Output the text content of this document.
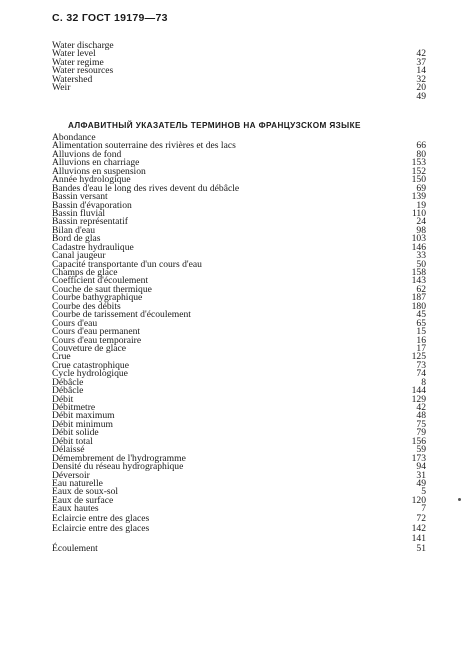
С. 32 ГОСТ 19179—73
Water discharge
Water level	42
Water regime	37
Water resources	14
Watershed	32
Weir	20
49
АЛФАВИТНЫЙ УКАЗАТЕЛЬ ТЕРМИНОВ НА ФРАНЦУЗСКОМ ЯЗЫКЕ
Abondance
Alimentation souterraine des rivières et des lacs	66
Alluvions de fond	80
Alluvions en charriage	153
Alluvions en suspension	152
Année hydrologique	150
Bandes d'eau le long des rives devent du débâcle	69
Bassin versant	139
Bassin d'évaporation	19
Bassin fluvial	110
Bassin représentatif	24
Bilan d'eau	98
Bord de glas	103
Cadastre hydraulique	146
Canal jaugeur	33
Capacité transportante d'un cours d'eau	50
Champs de glace	158
Coefficient d'écoulement	143
Couche de saut thermique	62
Courbe bathygraphique	187
Courbe des débits	180
Courbe de tarissement d'écoulement	45
Cours d'eau	65
Cours d'eau permanent	15
Cours d'eau temporaire	16
Couveture de glace	17
Crue	125
Crue catastrophique	73
Cycle hydrologique	74
Débâcle	8
Débâcle	144
Débit	129
Débitmetre	42
Débit maximum	48
Débit minimum	75
Débit solide	79
Débit total	156
Délaissé	59
Démembrement de l'hydrogramme	173
Densité du réseau hydrographique	94
Déversoir	31
Eau naturelle	49
Eaux de soux-sol	5
Eaux de surface	120
Eaux hautes	7
Eclaircie entre des glaces	72
Eclaircie entre des glaces	142
141
Écoulement	51
